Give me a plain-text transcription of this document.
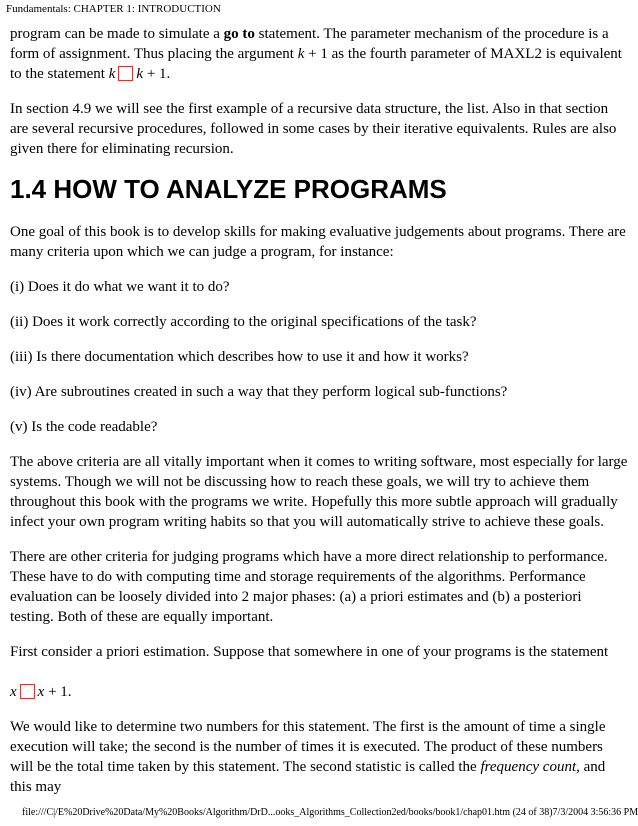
Fundamentals: CHAPTER 1: INTRODUCTION

program can be made to simulate a go to statement. The parameter mechanism of the procedure is a form of assignment. Thus placing the argument k + 1 as the fourth parameter of MAXL2 is equivalent to the statement k k + 1.

In section 4.9 we will see the first example of a recursive data structure, the list. Also in that section are several recursive procedures, followed in some cases by their iterative equivalents. Rules are also given there for eliminating recursion.

1.4 HOW TO ANALYZE PROGRAMS

One goal of this book is to develop skills for making evaluative judgements about programs. There are many criteria upon which we can judge a program, for instance:

(i) Does it do what we want it to do?

(ii) Does it work correctly according to the original specifications of the task?

(iii) Is there documentation which describes how to use it and how it works?

(iv) Are subroutines created in such a way that they perform logical sub-functions?

(v) Is the code readable?

The above criteria are all vitally important when it comes to writing software, most especially for large systems. Though we will not be discussing how to reach these goals, we will try to achieve them throughout this book with the programs we write. Hopefully this more subtle approach will gradually infect your own program writing habits so that you will automatically strive to achieve these goals.

There are other criteria for judging programs which have a more direct relationship to performance. These have to do with computing time and storage requirements of the algorithms. Performance evaluation can be loosely divided into 2 major phases: (a) a priori estimates and (b) a posteriori testing. Both of these are equally important.

First consider a priori estimation. Suppose that somewhere in one of your programs is the statement

x x + 1.

We would like to determine two numbers for this statement. The first is the amount of time a single execution will take; the second is the number of times it is executed. The product of these numbers will be the total time taken by this statement. The second statistic is called the frequency count, and this may

file:///C|/E%20Drive%20Data/My%20Books/Algorithm/DrD...ooks_Algorithms_Collection2ed/books/book1/chap01.htm (24 of 38)7/3/2004 3:56:36 PM
